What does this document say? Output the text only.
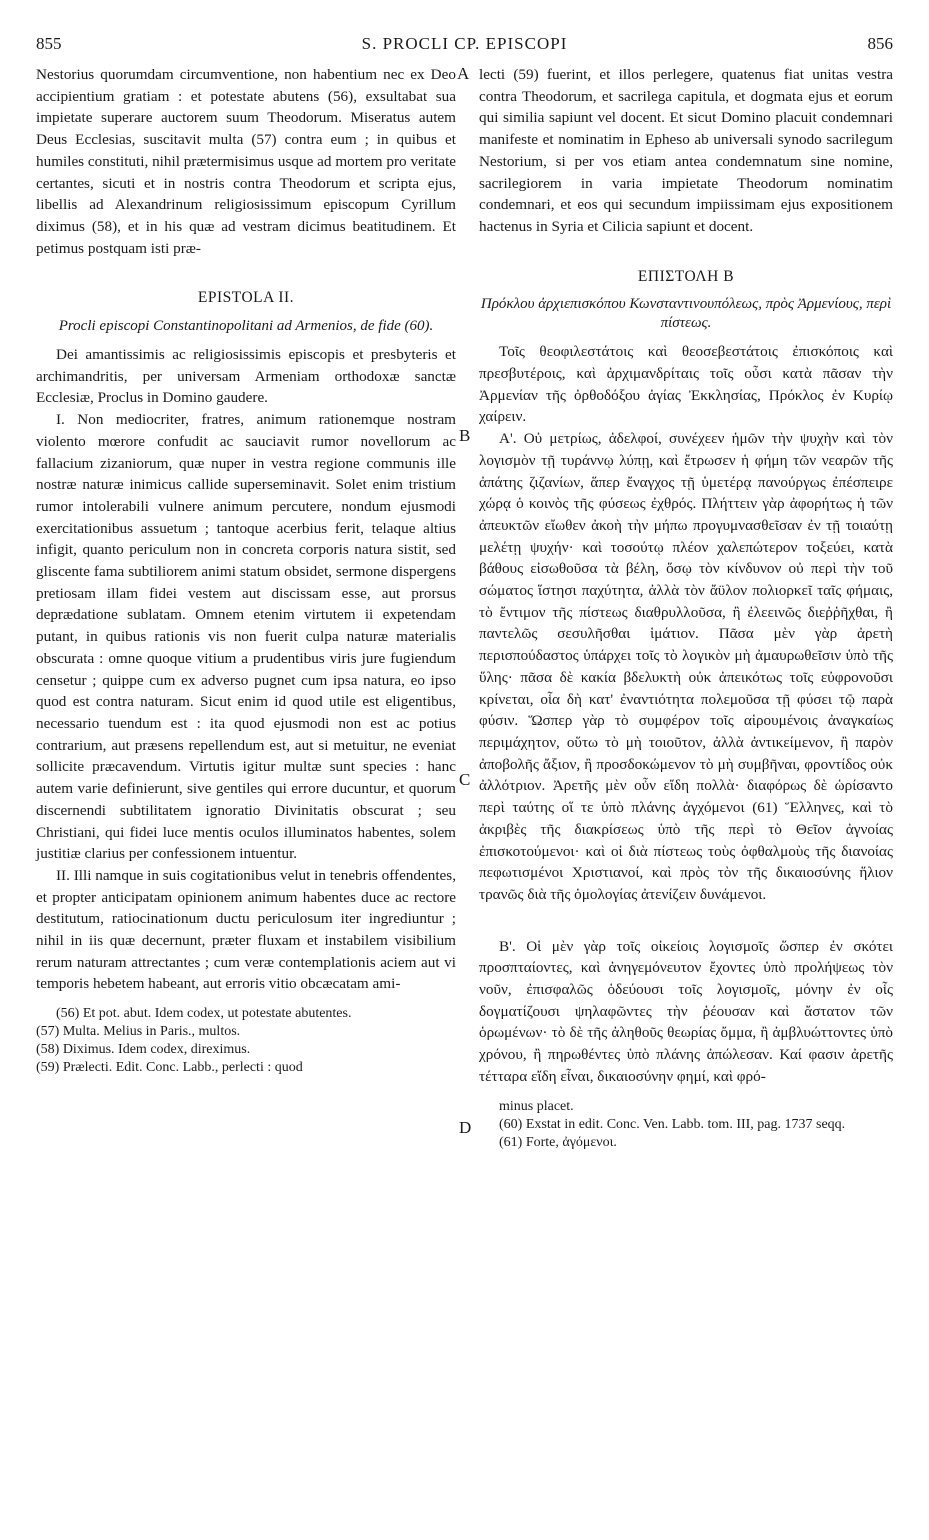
855	S. PROCLI CP. EPISCOPI	856
A
B
C
D

Nestorius quorumdam circumventione, non habentium nec ex Deo accipientium gratiam : et potestate abutens (56), exsultabat sua impietate superare auctorem suum Theodorum. Miseratus autem Deus Ecclesias, suscitavit multa (57) contra eum ; in quibus et humiles constituti, nihil prætermisimus usque ad mortem pro veritate certantes, sicuti et in nostris contra Theodorum et scripta ejus, libellis ad Alexandrinum religiosissimum episcopum Cyrillum diximus (58), et in his quæ ad vestram dicimus beatitudinem. Et petimus postquam isti præ-

EPISTOLA II.
Procli episcopi Constantinopolitani ad Armenios, de fide (60).

Dei amantissimis ac religiosissimis episcopis et presbyteris et archimandritis, per universam Armeniam orthodoxæ sanctæ Ecclesiæ, Proclus in Domino gaudere.

I. Non mediocriter, fratres, animum rationemque nostram violento mœrore confudit ac sauciavit rumor novellorum ac fallacium zizaniorum, quæ nuper in vestra regione communis ille nostræ naturæ inimicus callide superseminavit. Solet enim tristium rumor intolerabili vulnere animum percutere, nondum ejusmodi exercitationibus assuetum ; tantoque acerbius ferit, telaque altius infigit, quanto periculum non in concreta corporis natura sistit, sed gliscente fama subtiliorem animi statum obsidet, sermone dispergens pretiosam illam fidei vestem aut discissam esse, aut prorsus deprædatione sublatam. Omnem etenim virtutem ii expetendam putant, in quibus rationis vis non fuerit culpa naturæ materialis obscurata : omne quoque vitium a prudentibus viris jure fugiendum censetur ; quippe cum ex adverso pugnet cum ipsa natura, eo ipso quod est contra naturam. Sicut enim id quod utile est eligentibus, necessario tuendum est : ita quod ejusmodi non est ac potius contrarium, aut præsens repellendum est, aut si metuitur, ne eveniat sollicite præcavendum. Virtutis igitur multæ sunt species : hanc autem varie definierunt, sive gentiles qui errore ducuntur, et quorum discernendi subtilitatem ignoratio Divinitatis obscurat ; seu Christiani, qui fidei luce mentis oculos illuminatos habentes, solem justitiæ clarius per confessionem intuentur.

II. Illi namque in suis cogitationibus velut in tenebris offendentes, et propter anticipatam opinionem animum habentes duce ac rectore destitutum, ratiocinationum ductu periculosum iter ingrediuntur ; nihil in iis quæ decernunt, præter fluxam et instabilem visibilium rerum naturam attrectantes ; cum veræ contemplationis aciem aut vi temporis hebetem habeant, aut erroris vitio obcæcatam ami-

(56) Et pot. abut. Idem codex, ut potestate abutentes.

(57) Multa. Melius in Paris., multos.

(58) Diximus. Idem codex, direximus.

(59) Prælecti. Edit. Conc. Labb., perlecti : quod

lecti (59) fuerint, et illos perlegere, quatenus fiat unitas vestra contra Theodorum, et sacrilega capitula, et dogmata ejus et eorum qui similia sapiunt vel docent. Et sicut Domino placuit condemnari manifeste et nominatim in Epheso ab universali synodo sacrilegum Nestorium, si per vos etiam antea condemnatum sine nomine, sacrilegiorem in varia impietate Theodorum nominatim condemnari, et eos qui secundum impiissimam ejus expositionem hactenus in Syria et Cilicia sapiunt et docent.

ΕΠΙΣΤΟΛΗ Β
Πρόκλου ἀρχιεπισκόπου Κωνσταντινουπόλεως, πρὸς Ἀρμενίους, περὶ πίστεως.

Τοῖς θεοφιλεστάτοις καὶ θεοσεβεστάτοις ἐπισκόποις καὶ πρεσβυτέροις, καὶ ἀρχιμανδρίταις τοῖς οὖσι κατὰ πᾶσαν τὴν Ἀρμενίαν τῆς ὀρθοδόξου ἁγίας Ἐκκλησίας, Πρόκλος ἐν Κυρίῳ χαίρειν.

Α'. Οὐ μετρίως, ἀδελφοί, συνέχεεν ἡμῶν τὴν ψυχὴν καὶ τὸν λογισμὸν τῇ τυράννῳ λύπῃ, καὶ ἔτρωσεν ἡ φήμη τῶν νεαρῶν τῆς ἀπάτης ζιζανίων, ἅπερ ἔναγχος τῇ ὑμετέρᾳ πανούργως ἐπέσπειρε χώρᾳ ὁ κοινὸς τῆς φύσεως ἐχθρός. Πλήττειν γὰρ ἀφορήτως ἡ τῶν ἀπευκτῶν εἴωθεν ἀκοὴ τὴν μήπω προγυμνασθεῖσαν ἐν τῇ τοιαύτῃ μελέτῃ ψυχήν· καὶ τοσούτῳ πλέον χαλεπώτερον τοξεύει, κατὰ βάθους εἰσωθοῦσα τὰ βέλη, ὅσῳ τὸν κίνδυνον οὐ περὶ τὴν τοῦ σώματος ἵστησι παχύτητα, ἀλλὰ τὸν ἄϋλον πολιορκεῖ ταῖς φήμαις, τὸ ἔντιμον τῆς πίστεως διαθρυλλοῦσα, ἢ ἐλεεινῶς διεῤῥῆχθαι, ἢ παντελῶς σεσυλῆσθαι ἱμάτιον. Πᾶσα μὲν γὰρ ἀρετὴ περισπούδαστος ὑπάρχει τοῖς τὸ λογικὸν μὴ ἀμαυρωθεῖσιν ὑπὸ τῆς ὕλης· πᾶσα δὲ κακία βδελυκτὴ οὐκ ἀπεικότως τοῖς εὐφρονοῦσι κρίνεται, οἷα δὴ κατ' ἐναντιότητα πολεμοῦσα τῇ φύσει τῷ παρὰ φύσιν. Ὥσπερ γὰρ τὸ συμφέρον τοῖς αἱρουμένοις ἀναγκαίως περιμάχητον, οὕτω τὸ μὴ τοιοῦτον, ἀλλὰ ἀντικείμενον, ἢ παρὸν ἀποβολῆς ἄξιον, ἢ προσδοκώμενον τὸ μὴ συμβῆναι, φροντίδος οὐκ ἀλλότριον. Ἀρετῆς μὲν οὖν εἴδη πολλὰ· διαφόρως δὲ ὡρίσαντο περὶ ταύτης οἵ τε ὑπὸ πλάνης ἀγχόμενοι (61) Ἕλληνες, καὶ τὸ ἀκριβὲς τῆς διακρίσεως ὑπὸ τῆς περὶ τὸ Θεῖον ἀγνοίας ἐπισκοτούμενοι· καὶ οἱ διὰ πίστεως τοὺς ὀφθαλμοὺς τῆς διανοίας πεφωτισμένοι Χριστιανοί, καὶ πρὸς τὸν τῆς δικαιοσύνης ἥλιον τρανῶς διὰ τῆς ὁμολογίας ἀτενίζειν δυνάμενοι.

Β'. Οἱ μὲν γὰρ τοῖς οἰκείοις λογισμοῖς ὥσπερ ἐν σκότει προσπταίοντες, καὶ ἀνηγεμόνευτον ἔχοντες ὑπὸ προλήψεως τὸν νοῦν, ἐπισφαλῶς ὁδεύουσι τοῖς λογισμοῖς, μόνην ἐν οἷς δογματίζουσι ψηλαφῶντες τὴν ῥέουσαν καὶ ἄστατον τῶν ὁρωμένων· τὸ δὲ τῆς ἀληθοῦς θεωρίας ὄμμα, ἢ ἀμβλυώττοντες ὑπὸ χρόνου, ἢ πηρωθέντες ὑπὸ πλάνης ἀπώλεσαν. Καί φασιν ἀρετῆς τέτταρα εἴδη εἶναι, δικαιοσύνην φημί, καὶ φρό-

minus placet.

(60) Exstat in edit. Conc. Ven. Labb. tom. III, pag. 1737 seqq.

(61) Forte, ἀγόμενοι.
